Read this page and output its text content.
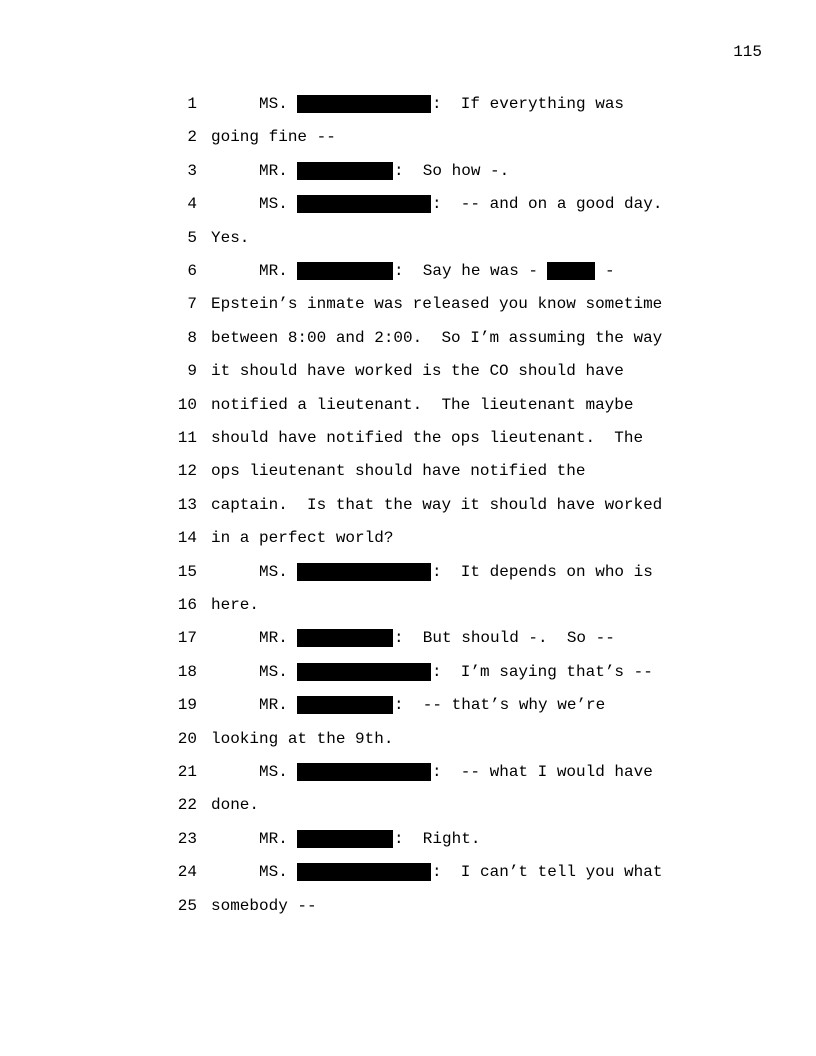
115
1	MS.	:  If everything was
2 going fine --
3	MR.	:  So how -.
4	MS.	:  -- and on a good day.
5 Yes.
6	MR.	:  Say he was -	-
7 Epstein’s inmate was released you know sometime
8 between 8:00 and 2:00.  So I’m assuming the way
9 it should have worked is the CO should have
10 notified a lieutenant.  The lieutenant maybe
11 should have notified the ops lieutenant.  The
12 ops lieutenant should have notified the
13 captain.  Is that the way it should have worked
14 in a perfect world?
15	MS.	:  It depends on who is
16 here.
17	MR.	:  But should -.  So --
18	MS.	:  I’m saying that’s --
19	MR.	:  -- that’s why we’re
20 looking at the 9th.
21	MS.	:  -- what I would have
22 done.
23	MR.	:  Right.
24	MS.	:  I can’t tell you what
25 somebody --
